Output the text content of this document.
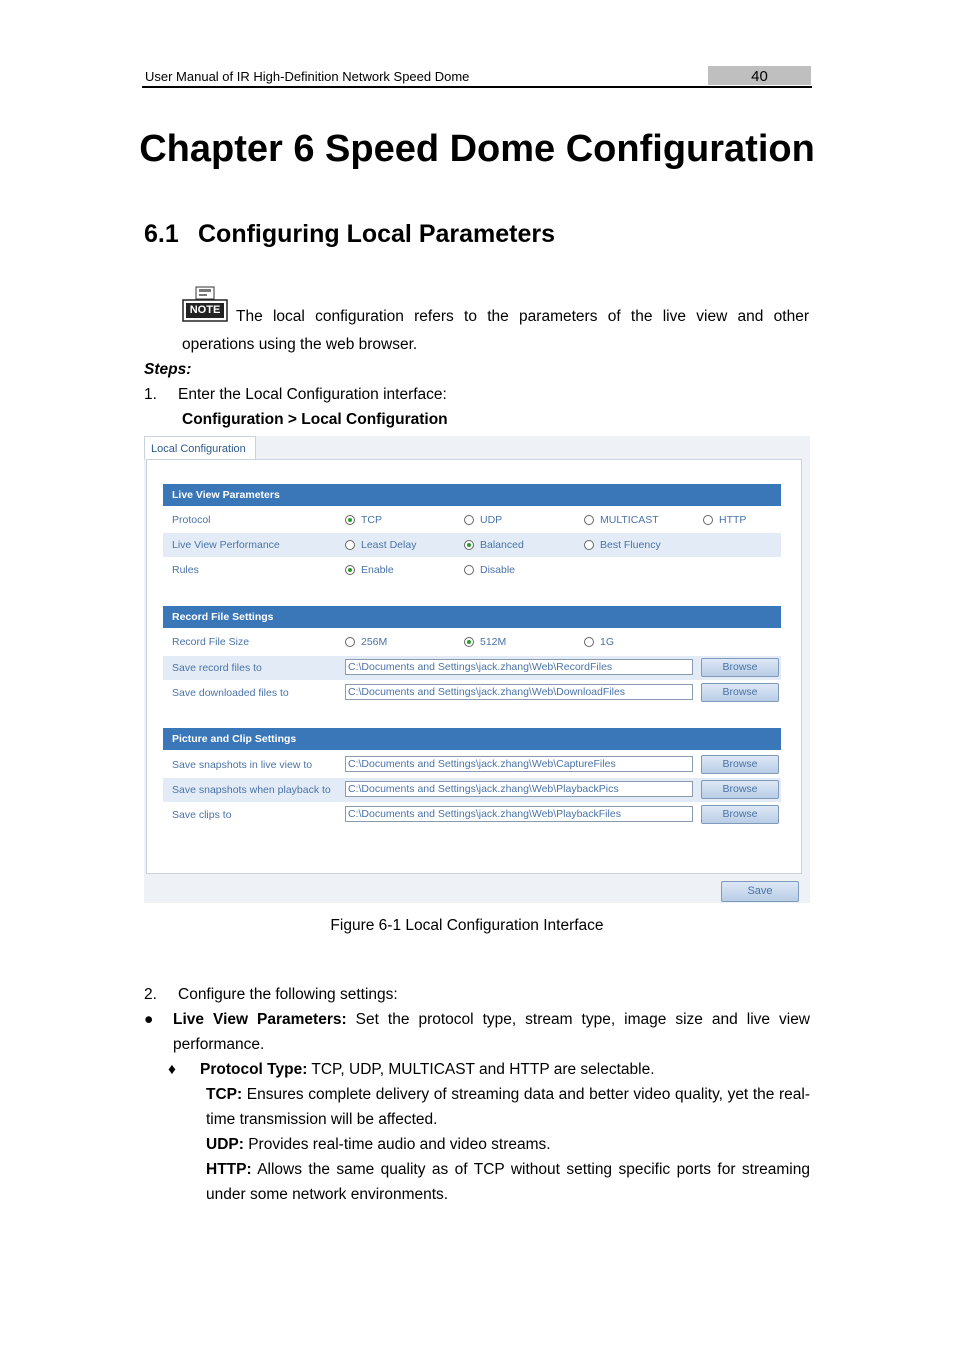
User Manual of IR High-Definition Network Speed Dome	40
Chapter 6 Speed Dome Configuration
6.1 Configuring Local Parameters
NOTE The local configuration refers to the parameters of the live view and other
operations using the web browser.
Steps:
1. Enter the Local Configuration interface:
Configuration > Local Configuration
Local Configuration
Live View Parameters
Protocol	TCP	UDP	MULTICAST	HTTP
Live View Performance	Least Delay	Balanced	Best Fluency
Rules	Enable	Disable
Record File Settings
Record File Size	256M	512M	1G
Save record files to	C:\Documents and Settings\jack.zhang\Web\RecordFiles	Browse
Save downloaded files to	C:\Documents and Settings\jack.zhang\Web\DownloadFiles	Browse
Picture and Clip Settings
Save snapshots in live view to	C:\Documents and Settings\jack.zhang\Web\CaptureFiles	Browse
Save snapshots when playback to C:\Documents and Settings\jack.zhang\Web\PlaybackPics	Browse
Save clips to	C:\Documents and Settings\jack.zhang\Web\PlaybackFiles	Browse
Save
Figure 6-1 Local Configuration Interface
2. Configure the following settings:
● Live View Parameters: Set the protocol type, stream type, image size and live view performance.
♦ Protocol Type: TCP, UDP, MULTICAST and HTTP are selectable.
TCP: Ensures complete delivery of streaming data and better video quality, yet the real-time transmission will be affected.
UDP: Provides real-time audio and video streams.
HTTP: Allows the same quality as of TCP without setting specific ports for streaming under some network environments.
